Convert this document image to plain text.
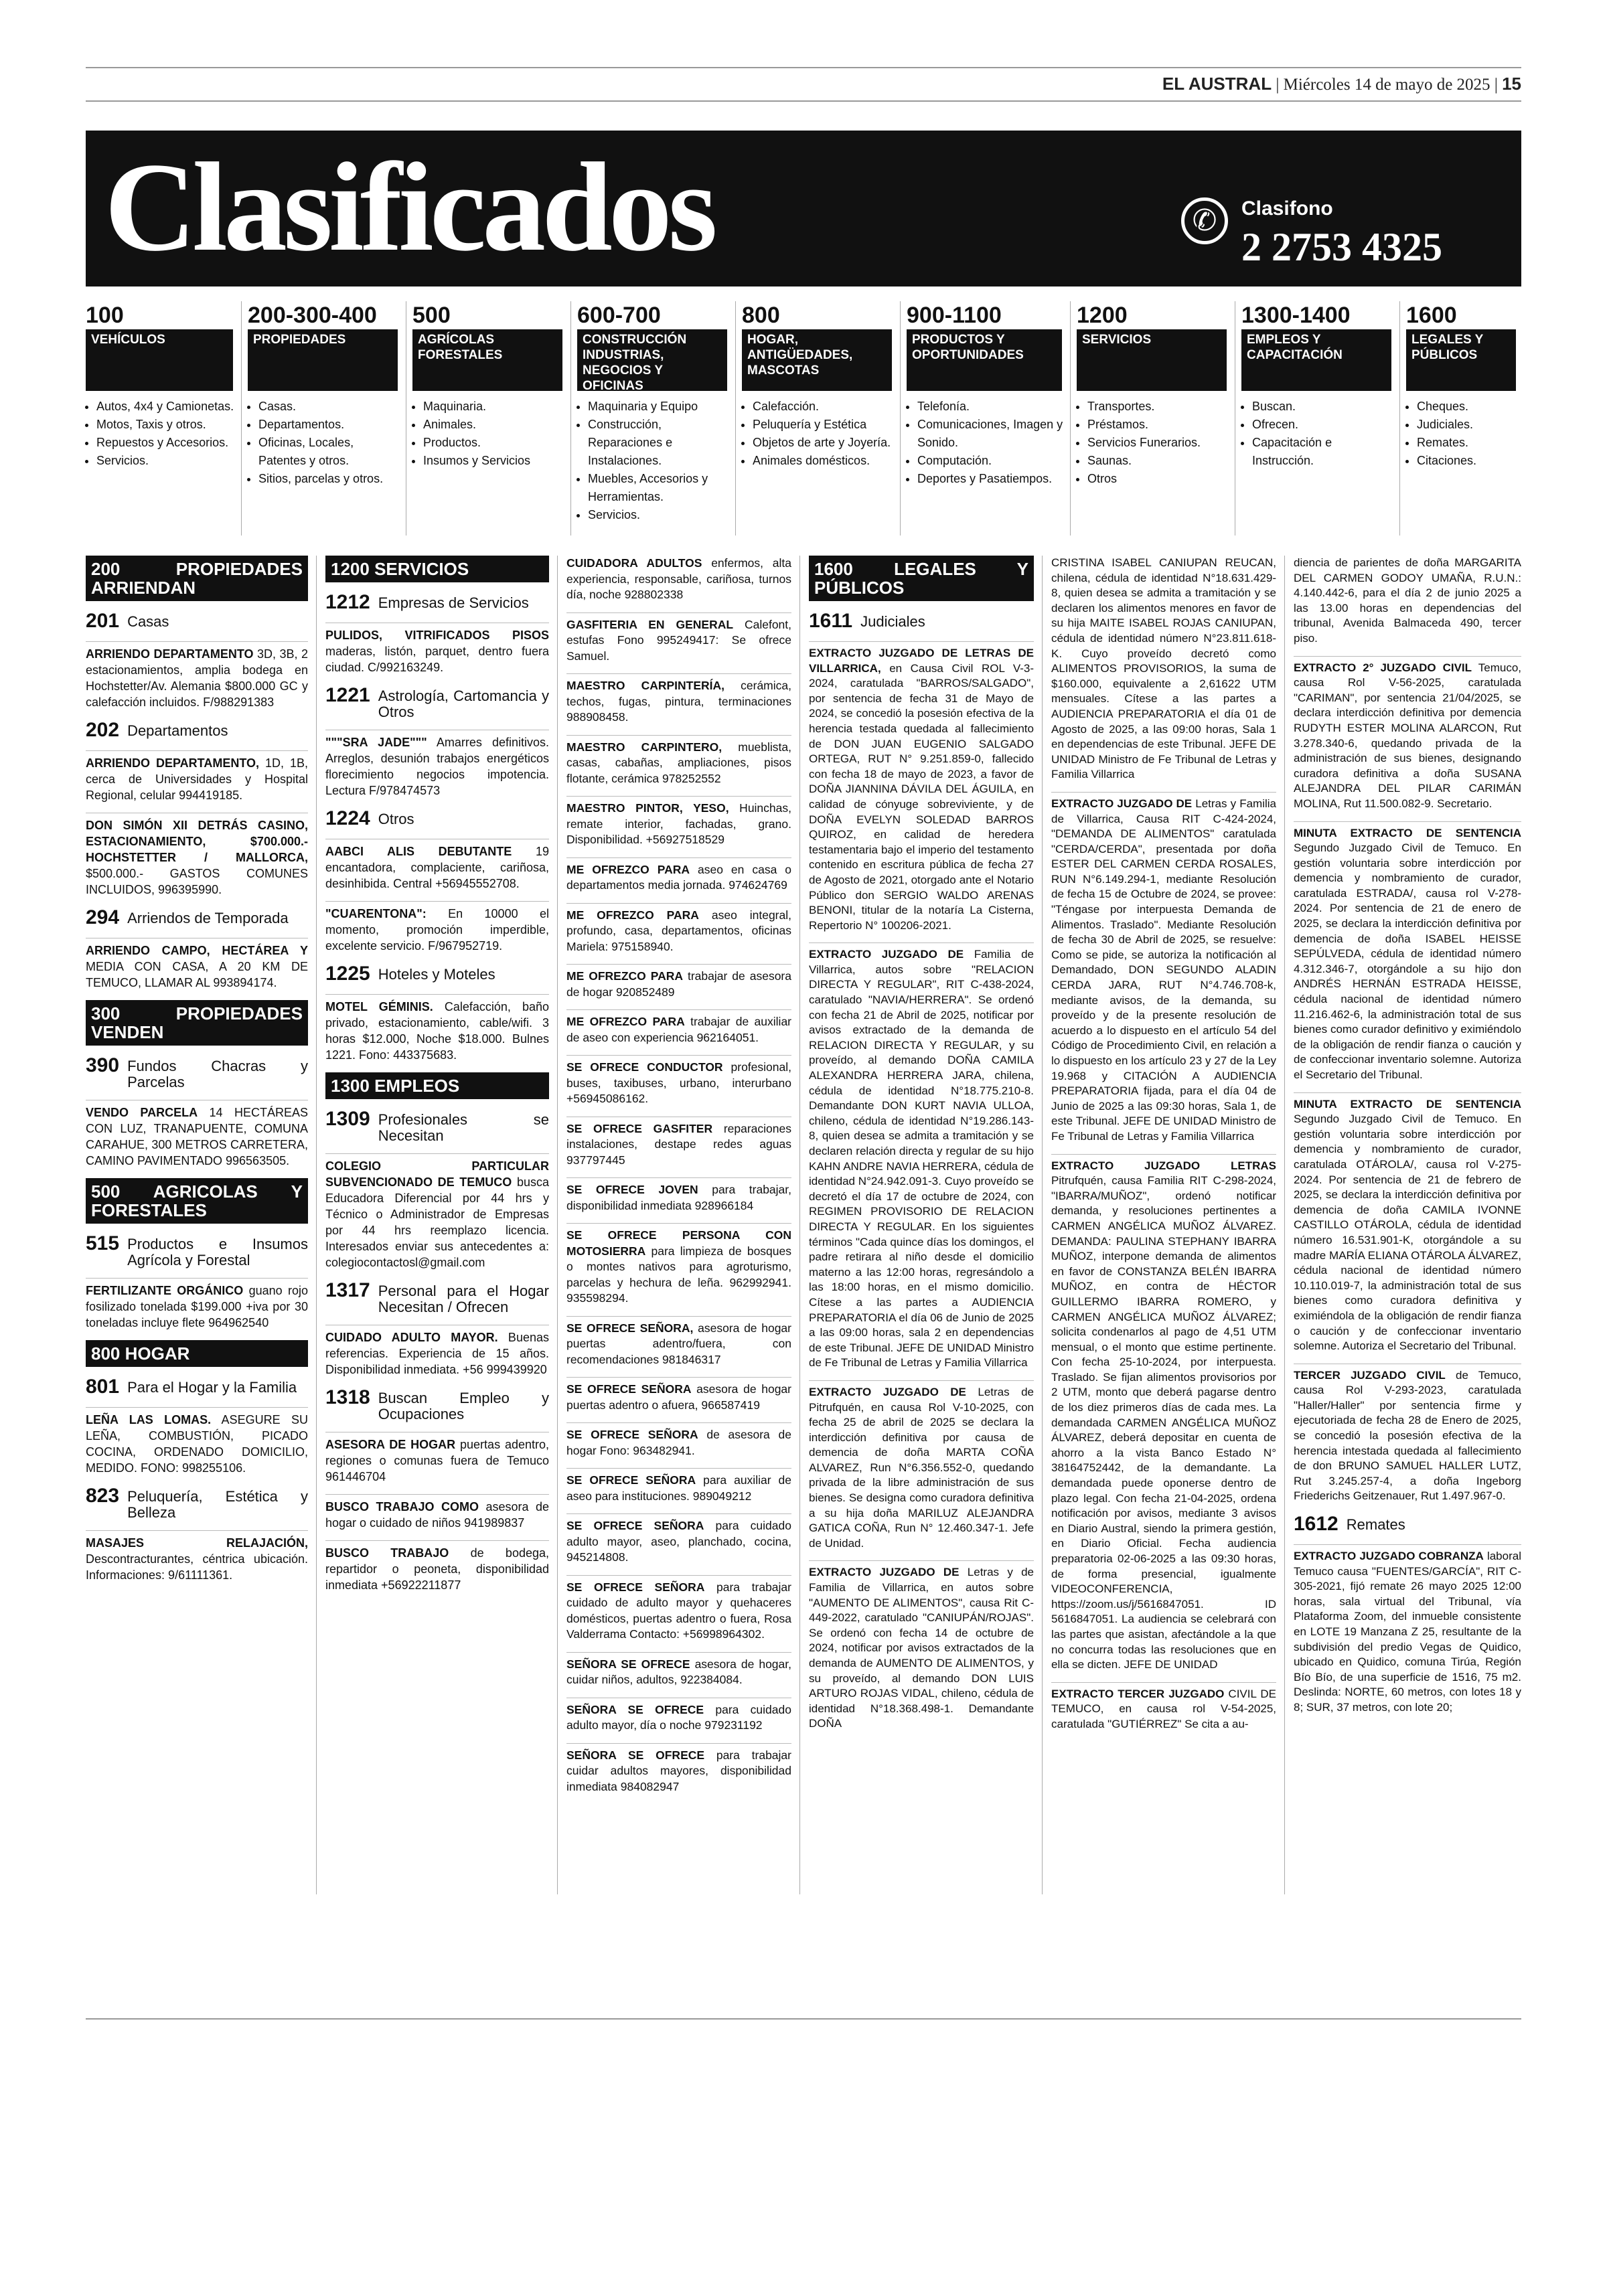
EL AUSTRAL | Miércoles 14 de mayo de 2025 | 15
Clasificados	✆	Clasifono
2 2753 4325
100
VEHÍCULOS
• Autos, 4x4 y Camionetas.
• Motos, Taxis y otros.
• Repuestos y Accesorios.
• Servicios.
200-300-400
PROPIEDADES
• Casas.
• Departamentos.
• Oficinas, Locales, Patentes y otros.
• Sitios, parcelas y otros.
500
AGRÍCOLAS FORESTALES
• Maquinaria.
• Animales.
• Productos.
• Insumos y Servicios
600-700
CONSTRUCCIÓN INDUSTRIAS, NEGOCIOS Y OFICINAS
• Maquinaria y Equipo
• Construcción, Reparaciones e Instalaciones.
• Muebles, Accesorios y Herramientas.
• Servicios.
800
HOGAR, ANTIGÜEDADES, MASCOTAS
• Calefacción.
• Peluquería y Estética
• Objetos de arte y Joyería.
• Animales domésticos.
900-1100
PRODUCTOS Y OPORTUNIDADES
• Telefonía.
• Comunicaciones, Imagen y Sonido.
• Computación.
• Deportes y Pasatiempos.
1200
SERVICIOS
• Transportes.
• Préstamos.
• Servicios Funerarios.
• Saunas.
• Otros
1300-1400
EMPLEOS Y CAPACITACIÓN
• Buscan.
• Ofrecen.
• Capacitación e Instrucción.
1600
LEGALES Y PÚBLICOS
• Cheques.
• Judiciales.
• Remates.
• Citaciones.
200 PROPIEDADES ARRIENDAN
201 Casas
ARRIENDO DEPARTAMENTO 3D, 3B, 2 estacionamientos, amplia bodega en Hochstetter/Av. Alemania $800.000 GC y calefacción incluidos. F/988291383
202 Departamentos
ARRIENDO DEPARTAMENTO, 1D, 1B, cerca de Universidades y Hospital Regional, celular 994419185.
DON SIMÓN XII DETRÁS CASINO, ESTACIONAMIENTO, $700.000.- HOCHSTETTER / MALLORCA, $500.000.- GASTOS COMUNES INCLUIDOS, 996395990.
294 Arriendos de Temporada
ARRIENDO CAMPO, HECTÁREA Y MEDIA CON CASA, A 20 KM DE TEMUCO, LLAMAR AL 993894174.
300 PROPIEDADES VENDEN
390 Fundos Chacras y Parcelas
VENDO PARCELA 14 HECTÁREAS CON LUZ, TRANAPUENTE, COMUNA CARAHUE, 300 METROS CARRETERA, CAMINO PAVIMENTADO 996563505.
500 AGRICOLAS Y FORESTALES
515 Productos e Insumos Agrícola y Forestal
FERTILIZANTE ORGÁNICO guano rojo fosilizado tonelada $199.000 +iva por 30 toneladas incluye flete 964962540
800 HOGAR
801 Para el Hogar y la Familia
LEÑA LAS LOMAS. ASEGURE SU LEÑA, COMBUSTIÓN, PICADO COCINA, ORDENADO DOMICILIO, MEDIDO. FONO: 998255106.
823 Peluquería, Estética y Belleza
MASAJES RELAJACIÓN, Descontracturantes, céntrica ubicación. Informaciones: 9/61111361.
1200 SERVICIOS
1212 Empresas de Servicios
PULIDOS, VITRIFICADOS PISOS maderas, listón, parquet, dentro fuera ciudad. C/992163249.
1221 Astrología, Cartomancia y Otros
"""SRA JADE""" Amarres definitivos. Arreglos, desunión trabajos energéticos florecimiento negocios impotencia. Lectura F/978474573
1224 Otros
AABCI ALIS DEBUTANTE 19 encantadora, complaciente, cariñosa, desinhibida. Central +56945552708.
"CUARENTONA": En 10000 el momento, promoción imperdible, excelente servicio. F/967952719.
1225 Hoteles y Moteles
MOTEL GÉMINIS. Calefacción, baño privado, estacionamiento, cable/wifi. 3 horas $12.000, Noche $18.000. Bulnes 1221. Fono: 443375683.
1300 EMPLEOS
1309 Profesionales se Necesitan
COLEGIO PARTICULAR SUBVENCIONADO DE TEMUCO busca Educadora Diferencial por 44 hrs y Técnico o Administrador de Empresas por 44 hrs reemplazo licencia. Interesados enviar sus antecedentes a: colegiocontactosl@gmail.com
1317 Personal para el Hogar Necesitan / Ofrecen
CUIDADO ADULTO MAYOR. Buenas referencias. Experiencia de 15 años. Disponibilidad inmediata. +56 999439920
1318 Buscan Empleo y Ocupaciones
ASESORA DE HOGAR puertas adentro, regiones o comunas fuera de Temuco 961446704
BUSCO TRABAJO COMO asesora de hogar o cuidado de niños 941989837
BUSCO TRABAJO de bodega, repartidor o peoneta, disponibilidad inmediata +56922211877
CUIDADORA ADULTOS enfermos, alta experiencia, responsable, cariñosa, turnos día, noche 928802338
GASFITERIA EN GENERAL Calefont, estufas Fono 995249417: Se ofrece Samuel.
MAESTRO CARPINTERÍA, cerámica, techos, fugas, pintura, terminaciones 988908458.
MAESTRO CARPINTERO, mueblista, casas, cabañas, ampliaciones, pisos flotante, cerámica 978252552
MAESTRO PINTOR, YESO, Huinchas, remate interior, fachadas, grano. Disponibilidad. +56927518529
ME OFREZCO PARA aseo en casa o departamentos media jornada. 974624769
ME OFREZCO PARA aseo integral, profundo, casa, departamentos, oficinas Mariela: 975158940.
ME OFREZCO PARA trabajar de asesora de hogar 920852489
ME OFREZCO PARA trabajar de auxiliar de aseo con experiencia 962164051.
SE OFRECE CONDUCTOR profesional, buses, taxibuses, urbano, interurbano +56945086162.
SE OFRECE GASFITER reparaciones instalaciones, destape redes aguas 937797445
SE OFRECE JOVEN para trabajar, disponibilidad inmediata 928966184
SE OFRECE PERSONA CON MOTOSIERRA para limpieza de bosques o montes nativos para agroturismo, parcelas y hechura de leña. 962992941. 935598294.
SE OFRECE SEÑORA, asesora de hogar puertas adentro/fuera, con recomendaciones 981846317
SE OFRECE SEÑORA asesora de hogar puertas adentro o afuera, 966587419
SE OFRECE SEÑORA de asesora de hogar Fono: 963482941.
SE OFRECE SEÑORA para auxiliar de aseo para instituciones. 989049212
SE OFRECE SEÑORA para cuidado adulto mayor, aseo, planchado, cocina, 945214808.
SE OFRECE SEÑORA para trabajar cuidado de adulto mayor y quehaceres domésticos, puertas adentro o fuera, Rosa Valderrama Contacto: +56998964302.
SEÑORA SE OFRECE asesora de hogar, cuidar niños, adultos, 922384084.
SEÑORA SE OFRECE para cuidado adulto mayor, día o noche 979231192
SEÑORA SE OFRECE para trabajar cuidar adultos mayores, disponibilidad inmediata 984082947
1600 LEGALES Y PÚBLICOS
1611 Judiciales
EXTRACTO JUZGADO DE LETRAS DE VILLARRICA, en Causa Civil ROL V-3-2024, caratulada "BARROS/SALGADO", por sentencia de fecha 31 de Mayo de 2024, se concedió la posesión efectiva de la herencia testada quedada al fallecimiento de DON JUAN EUGENIO SALGADO ORTEGA, RUT N° 9.251.859-0, fallecido con fecha 18 de mayo de 2023, a favor de DOÑA JIANNINA DÁVILA DEL ÁGUILA, en calidad de cónyuge sobreviviente, y de DOÑA EVELYN SOLEDAD BARROS QUIROZ, en calidad de heredera testamentaria bajo el imperio del testamento contenido en escritura pública de fecha 27 de Agosto de 2021, otorgado ante el Notario Público don SERGIO WALDO ARENAS BENONI, titular de la notaría La Cisterna, Repertorio N° 100206-2021.
EXTRACTO JUZGADO DE Familia de Villarrica, autos sobre "RELACION DIRECTA Y REGULAR", RIT C-438-2024, caratulado "NAVIA/HERRERA". Se ordenó con fecha 21 de Abril de 2025, notificar por avisos extractado de la demanda de RELACION DIRECTA Y REGULAR, y su proveído, al demando DOÑA CAMILA ALEXANDRA HERRERA JARA, chilena, cédula de identidad N°18.775.210-8. Demandante DON KURT NAVIA ULLOA, chileno, cédula de identidad N°19.286.143-8, quien desea se admita a tramitación y se declaren relación directa y regular de su hijo KAHN ANDRE NAVIA HERRERA, cédula de identidad N°24.942.091-3. Cuyo proveído se decretó el día 17 de octubre de 2024, con REGIMEN PROVISORIO DE RELACION DIRECTA Y REGULAR. En los siguientes términos "Cada quince días los domingos, el padre retirara al niño desde el domicilio materno a las 12:00 horas, regresándolo a las 18:00 horas, en el mismo domicilio. Cítese a las partes a AUDIENCIA PREPARATORIA el día 06 de Junio de 2025 a las 09:00 horas, sala 2 en dependencias de este Tribunal. JEFE DE UNIDAD Ministro de Fe Tribunal de Letras y Familia Villarrica
EXTRACTO JUZGADO DE Letras de Pitrufquén, en causa Rol V-10-2025, con fecha 25 de abril de 2025 se declara la interdicción definitiva por causa de demencia de doña MARTA COÑA ALVAREZ, Run N°6.356.552-0, quedando privada de la libre administración de sus bienes. Se designa como curadora definitiva a su hija doña MARILUZ ALEJANDRA GATICA COÑA, Run N° 12.460.347-1. Jefe de Unidad.
EXTRACTO JUZGADO DE Letras y de Familia de Villarrica, en autos sobre "AUMENTO DE ALIMENTOS", causa Rit C-449-2022, caratulado "CANIUPÁN/ROJAS". Se ordenó con fecha 14 de octubre de 2024, notificar por avisos extractados de la demanda de AUMENTO DE ALIMENTOS, y su proveído, al demando DON LUIS ARTURO ROJAS VIDAL, chileno, cédula de identidad N°18.368.498-1. Demandante DOÑA
CRISTINA ISABEL CANIUPAN REUCAN, chilena, cédula de identidad N°18.631.429-8, quien desea se admita a tramitación y se declaren los alimentos menores en favor de su hija MAITE ISABEL ROJAS CANIUPAN, cédula de identidad número N°23.811.618-K. Cuyo proveído decretó como ALIMENTOS PROVISORIOS, la suma de $160.000, equivalente a 2,61622 UTM mensuales. Cítese a las partes a AUDIENCIA PREPARATORIA el día 01 de Agosto de 2025, a las 09:00 horas, Sala 1 en dependencias de este Tribunal. JEFE DE UNIDAD Ministro de Fe Tribunal de Letras y Familia Villarrica
EXTRACTO JUZGADO DE Letras y Familia de Villarrica, Causa RIT C-424-2024, "DEMANDA DE ALIMENTOS" caratulada "CERDA/CERDA", presentada por doña ESTER DEL CARMEN CERDA ROSALES, RUN N°6.149.294-1, mediante Resolución de fecha 15 de Octubre de 2024, se provee: "Téngase por interpuesta Demanda de Alimentos. Traslado". Mediante Resolución de fecha 30 de Abril de 2025, se resuelve: Como se pide, se autoriza la notificación al Demandado, DON SEGUNDO ALADIN CERDA JARA, RUT N°4.746.708-k, mediante avisos, de la demanda, su proveído y de la presente resolución de acuerdo a lo dispuesto en el artículo 54 del Código de Procedimiento Civil, en relación a lo dispuesto en los artículo 23 y 27 de la Ley 19.968 y CITACIÓN A AUDIENCIA PREPARATORIA fijada, para el día 04 de Junio de 2025 a las 09:30 horas, Sala 1, de este Tribunal. JEFE DE UNIDAD Ministro de Fe Tribunal de Letras y Familia Villarrica
EXTRACTO JUZGADO LETRAS Pitrufquén, causa Familia RIT C-298-2024, "IBARRA/MUÑOZ", ordenó notificar demanda, y resoluciones pertinentes a CARMEN ANGÉLICA MUÑOZ ÁLVAREZ. DEMANDA: PAULINA STEPHANY IBARRA MUÑOZ, interpone demanda de alimentos en favor de CONSTANZA BELÉN IBARRA MUÑOZ, en contra de HÉCTOR GUILLERMO IBARRA ROMERO, y CARMEN ANGÉLICA MUÑOZ ÁLVAREZ; solicita condenarlos al pago de 4,51 UTM mensual, o el monto que estime pertinente. Con fecha 25-10-2024, por interpuesta. Traslado. Se fijan alimentos provisorios por 2 UTM, monto que deberá pagarse dentro de los diez primeros días de cada mes. La demandada CARMEN ANGÉLICA MUÑOZ ÁLVAREZ, deberá depositar en cuenta de ahorro a la vista Banco Estado N° 38164752442, de la demandante. La demandada puede oponerse dentro de plazo legal. Con fecha 21-04-2025, ordena notificación por avisos, mediante 3 avisos en Diario Austral, siendo la primera gestión, en Diario Oficial. Fecha audiencia preparatoria 02-06-2025 a las 09:30 horas, de forma presencial, igualmente VIDEOCONFERENCIA, https://zoom.us/j/5616847051. ID 5616847051. La audiencia se celebrará con las partes que asistan, afectándole a la que no concurra todas las resoluciones que en ella se dicten. JEFE DE UNIDAD
EXTRACTO TERCER JUZGADO CIVIL DE TEMUCO, en causa rol V-54-2025, caratulada "GUTIÉRREZ" Se cita a au-
diencia de parientes de doña MARGARITA DEL CARMEN GODOY UMAÑA, R.U.N.: 4.140.442-6, para el día 2 de junio 2025 a las 13.00 horas en dependencias del tribunal, Avenida Balmaceda 490, tercer piso.
EXTRACTO 2° JUZGADO CIVIL Temuco, causa Rol V-56-2025, caratulada "CARIMAN", por sentencia 21/04/2025, se declara interdicción definitiva por demencia RUDYTH ESTER MOLINA ALARCON, Rut 3.278.340-6, quedando privada de la administración de sus bienes, designando curadora definitiva a doña SUSANA ALEJANDRA DEL PILAR CARIMÁN MOLINA, Rut 11.500.082-9. Secretario.
MINUTA EXTRACTO DE SENTENCIA Segundo Juzgado Civil de Temuco. En gestión voluntaria sobre interdicción por demencia y nombramiento de curador, caratulada ESTRADA/, causa rol V-278-2024. Por sentencia de 21 de enero de 2025, se declara la interdicción definitiva por demencia de doña ISABEL HEISSE SEPÚLVEDA, cédula de identidad número 4.312.346-7, otorgándole a su hijo don ANDRÉS HERNÁN ESTRADA HEISSE, cédula nacional de identidad número 11.216.462-6, la administración total de sus bienes como curador definitivo y eximiéndolo de la obligación de rendir fianza o caución y de confeccionar inventario solemne. Autoriza el Secretario del Tribunal.
MINUTA EXTRACTO DE SENTENCIA Segundo Juzgado Civil de Temuco. En gestión voluntaria sobre interdicción por demencia y nombramiento de curador, caratulada OTÁROLA/, causa rol V-275-2024. Por sentencia de 21 de febrero de 2025, se declara la interdicción definitiva por demencia de doña CAMILA IVONNE CASTILLO OTÁROLA, cédula de identidad número 16.531.901-K, otorgándole a su madre MARÍA ELIANA OTÁROLA ÁLVAREZ, cédula nacional de identidad número 10.110.019-7, la administración total de sus bienes como curadora definitiva y eximiéndola de la obligación de rendir fianza o caución y de confeccionar inventario solemne. Autoriza el Secretario del Tribunal.
TERCER JUZGADO CIVIL de Temuco, causa Rol V-293-2023, caratulada "Haller/Haller" por sentencia firme y ejecutoriada de fecha 28 de Enero de 2025, se concedió la posesión efectiva de la herencia intestada quedada al fallecimiento de don BRUNO SAMUEL HALLER LUTZ, Rut 3.245.257-4, a doña Ingeborg Friederichs Geitzenauer, Rut 1.497.967-0.
1612 Remates
EXTRACTO JUZGADO COBRANZA laboral Temuco causa "FUENTES/GARCÍA", RIT C-305-2021, fijó remate 26 mayo 2025 12:00 horas, sala virtual del Tribunal, vía Plataforma Zoom, del inmueble consistente en LOTE 19 Manzana Z 25, resultante de la subdivisión del predio Vegas de Quidico, ubicado en Quidico, comuna Tirúa, Región Bío Bío, de una superficie de 1516, 75 m2. Deslinda: NORTE, 60 metros, con lotes 18 y 8; SUR, 37 metros, con lote 20;
